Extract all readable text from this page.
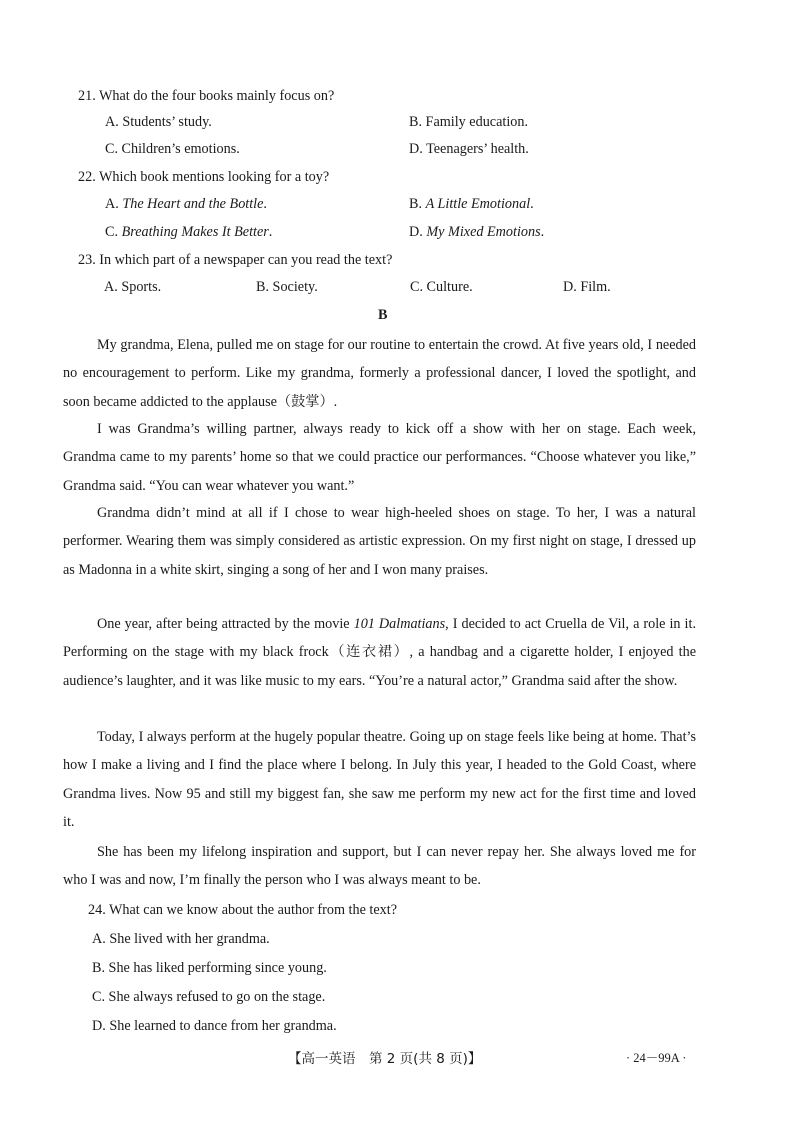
21. What do the four books mainly focus on?
A. Students’ study.	B. Family education.
C. Children’s emotions.	D. Teenagers’ health.
22. Which book mentions looking for a toy?
A. The Heart and the Bottle.	B. A Little Emotional.
C. Breathing Makes It Better.	D. My Mixed Emotions.
23. In which part of a newspaper can you read the text?
A. Sports.	B. Society.	C. Culture.	D. Film.
B
My grandma, Elena, pulled me on stage for our routine to entertain the crowd. At five years old, I needed no encouragement to perform. Like my grandma, formerly a professional dancer, I loved the spotlight, and soon became addicted to the applause（鼓掌）.
I was Grandma’s willing partner, always ready to kick off a show with her on stage. Each week, Grandma came to my parents’ home so that we could practice our performances. “Choose whatever you like,” Grandma said. “You can wear whatever you want.”
Grandma didn’t mind at all if I chose to wear high-heeled shoes on stage. To her, I was a natural performer. Wearing them was simply considered as artistic expression. On my first night on stage, I dressed up as Madonna in a white skirt, singing a song of her and I won many praises.
One year, after being attracted by the movie 101 Dalmatians, I decided to act Cruella de Vil, a role in it. Performing on the stage with my black frock（连衣裙）, a handbag and a cigarette holder, I enjoyed the audience’s laughter, and it was like music to my ears. “You’re a natural actor,” Grandma said after the show.
Today, I always perform at the hugely popular theatre. Going up on stage feels like being at home. That’s how I make a living and I find the place where I belong. In July this year, I headed to the Gold Coast, where Grandma lives. Now 95 and still my biggest fan, she saw me perform my new act for the first time and loved it.
She has been my lifelong inspiration and support, but I can never repay her. She always loved me for who I was and now, I’m finally the person who I was always meant to be.
24. What can we know about the author from the text?
A. She lived with her grandma.
B. She has liked performing since young.
C. She always refused to go on the stage.
D. She learned to dance from her grandma.
【高一英语　第 2 页(共 8 页)】	· 24－99A ·
